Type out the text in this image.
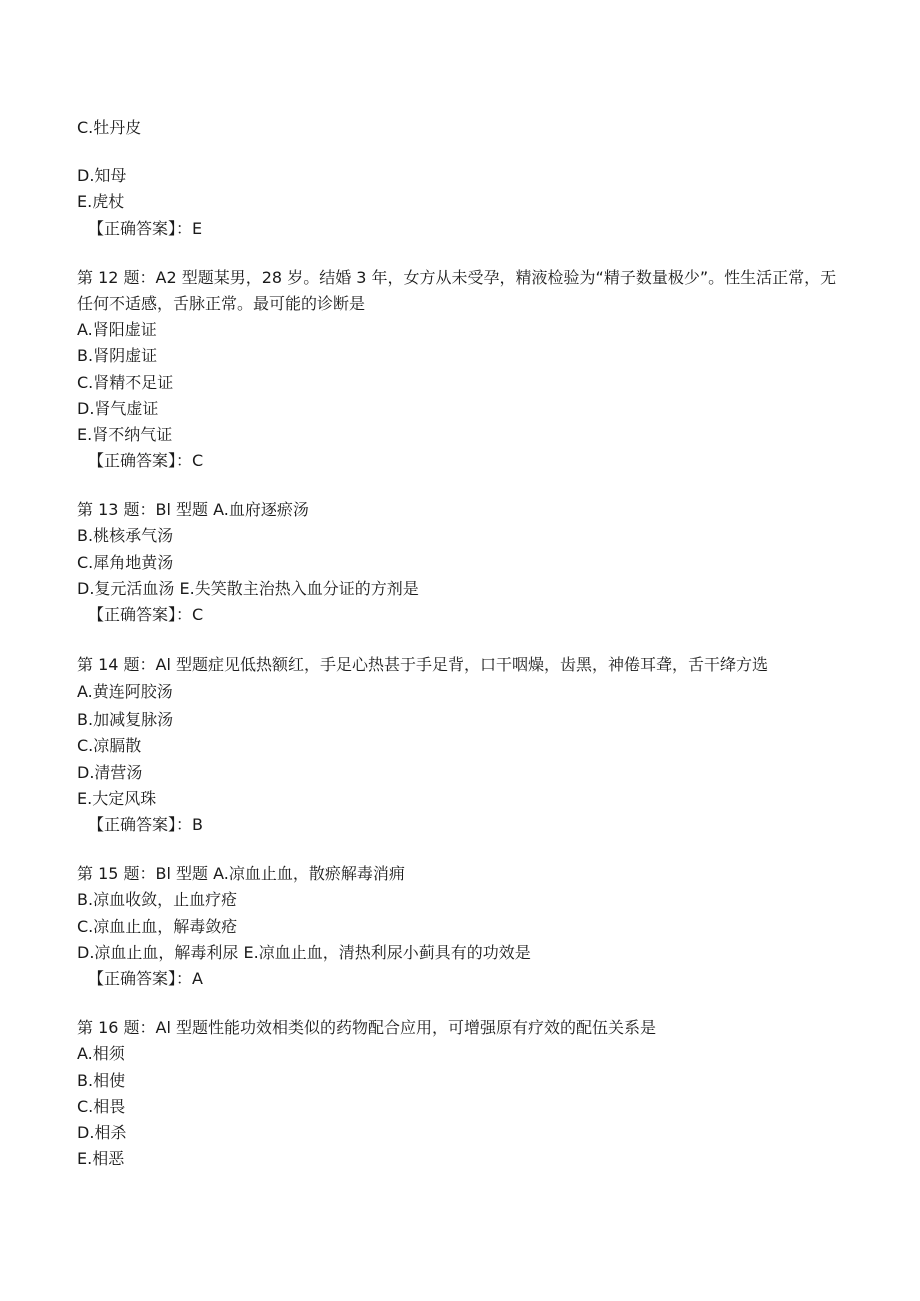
C.牡丹皮
D.知母
E.虎杖
【正确答案】：E
第 12 题：A2 型题某男，28 岁。结婚 3 年，女方从未受孕，精液检验为“精子数量极少”。性生活正常，无任何不适感，舌脉正常。最可能的诊断是
A.肾阳虚证
B.肾阴虚证
C.肾精不足证
D.肾气虚证
E.肾不纳气证
【正确答案】：C
第 13 题：Bl 型题 A.血府逐瘀汤
B.桃核承气汤
C.犀角地黄汤
D.复元活血汤 E.失笑散主治热入血分证的方剂是
【正确答案】：C
第 14 题：Al 型题症见低热额红，手足心热甚于手足背，口干咽燥，齿黑，神倦耳聋，舌干绛方选
A.黄连阿胶汤
B.加减复脉汤
C.凉膈散
D.清营汤
E.大定风珠
【正确答案】：B
第 15 题：Bl 型题 A.凉血止血，散瘀解毒消痈
B.凉血收敛，止血疗疮
C.凉血止血，解毒敛疮
D.凉血止血，解毒利尿 E.凉血止血，清热利尿小蓟具有的功效是
【正确答案】：A
第 16 题：Al 型题性能功效相类似的药物配合应用，可增强原有疗效的配伍关系是
A.相须
B.相使
C.相畏
D.相杀
E.相恶
